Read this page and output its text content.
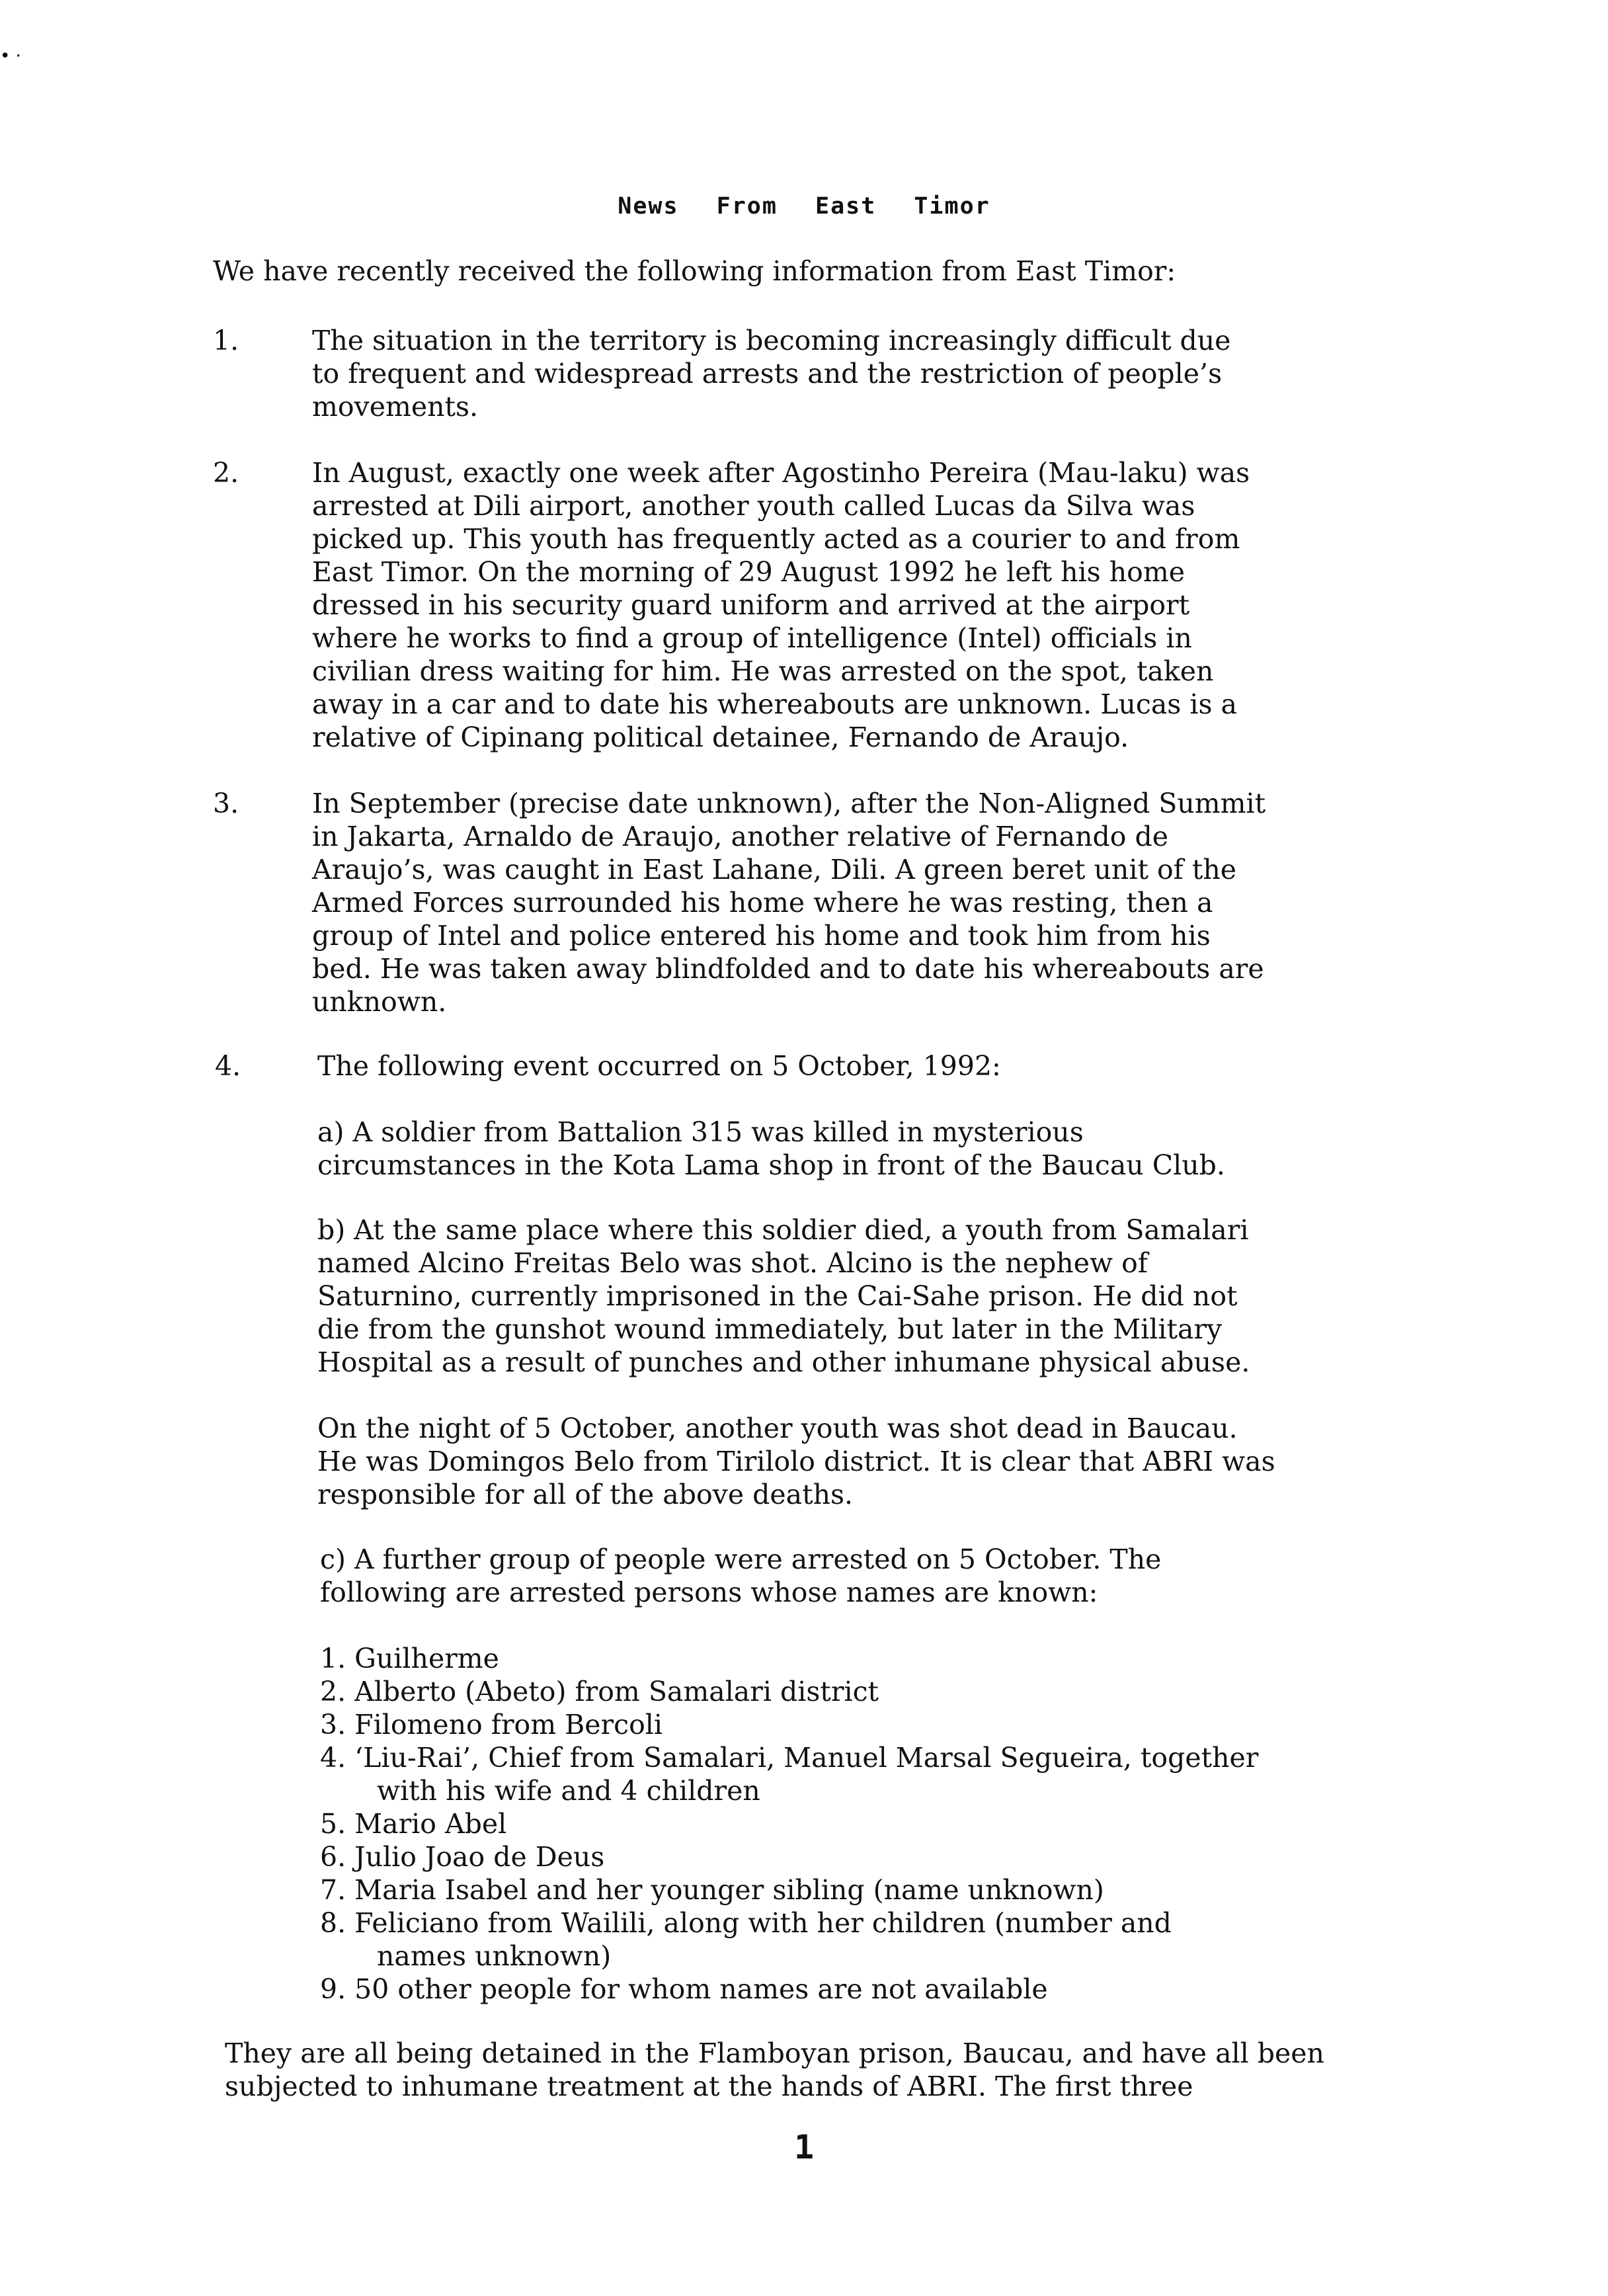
• ·
News From East Timor
We have recently received the following information from East Timor:
1.	The situation in the territory is becoming increasingly difficult due
to frequent and widespread arrests and the restriction of people’s
movements.
2.	In August, exactly one week after Agostinho Pereira (Mau-laku) was
arrested at Dili airport, another youth called Lucas da Silva was
picked up. This youth has frequently acted as a courier to and from
East Timor. On the morning of 29 August 1992 he left his home
dressed in his security guard uniform and arrived at the airport
where he works to find a group of intelligence (Intel) officials in
civilian dress waiting for him. He was arrested on the spot, taken
away in a car and to date his whereabouts are unknown. Lucas is a
relative of Cipinang political detainee, Fernando de Araujo.
3.	In September (precise date unknown), after the Non-Aligned Summit
in Jakarta, Arnaldo de Araujo, another relative of Fernando de
Araujo’s, was caught in East Lahane, Dili. A green beret unit of the
Armed Forces surrounded his home where he was resting, then a
group of Intel and police entered his home and took him from his
bed. He was taken away blindfolded and to date his whereabouts are
unknown.
4.	The following event occurred on 5 October, 1992:
a) A soldier from Battalion 315 was killed in mysterious
circumstances in the Kota Lama shop in front of the Baucau Club.
b) At the same place where this soldier died, a youth from Samalari
named Alcino Freitas Belo was shot. Alcino is the nephew of
Saturnino, currently imprisoned in the Cai-Sahe prison. He did not
die from the gunshot wound immediately, but later in the Military
Hospital as a result of punches and other inhumane physical abuse.
On the night of 5 October, another youth was shot dead in Baucau.
He was Domingos Belo from Tirilolo district. It is clear that ABRI was
responsible for all of the above deaths.
c) A further group of people were arrested on 5 October. The
following are arrested persons whose names are known:
1. Guilherme
2. Alberto (Abeto) from Samalari district
3. Filomeno from Bercoli
4. ‘Liu-Rai’, Chief from Samalari, Manuel Marsal Segueira, together
with his wife and 4 children
5. Mario Abel
6. Julio Joao de Deus
7. Maria Isabel and her younger sibling (name unknown)
8. Feliciano from Wailili, along with her children (number and
names unknown)
9. 50 other people for whom names are not available
They are all being detained in the Flamboyan prison, Baucau, and have all been
subjected to inhumane treatment at the hands of ABRI. The first three
1
